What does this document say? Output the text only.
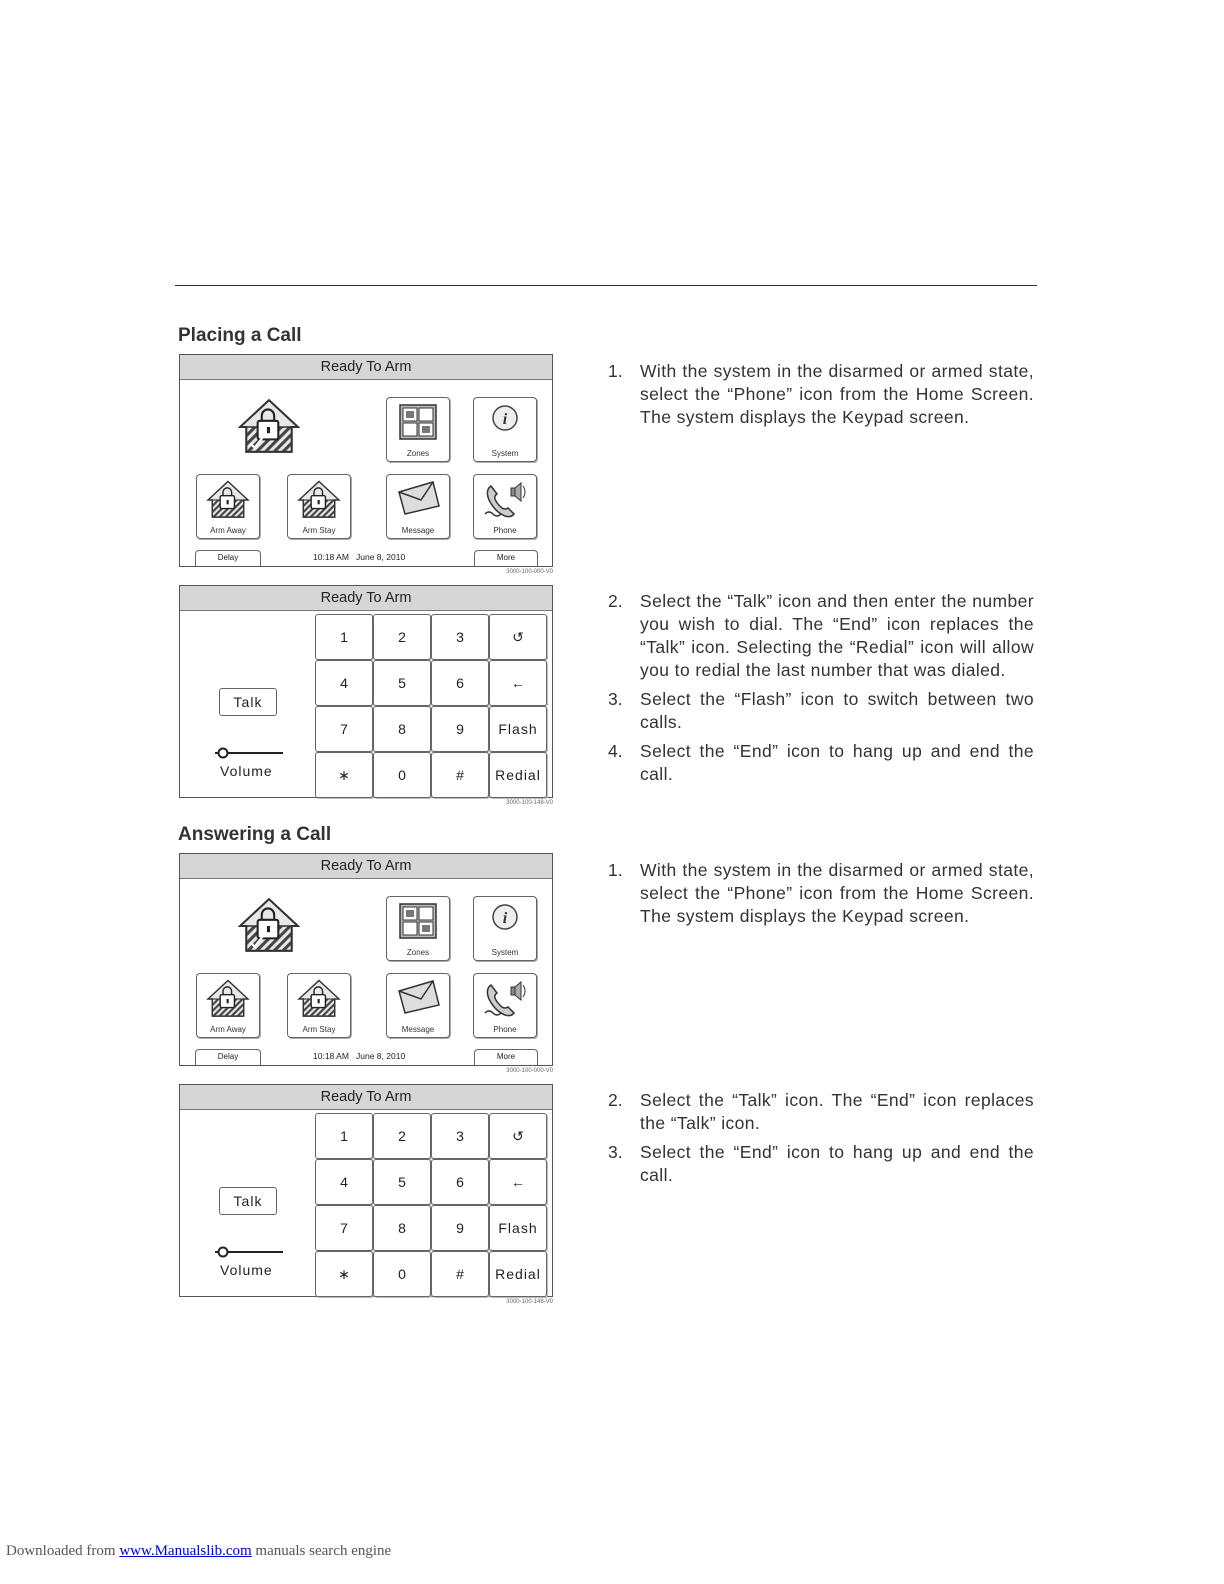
Placing a Call
Answering a Call
Ready To Arm
Zones
i
System
Arm Away	Arm Stay	Message	Phone
Delay	10:18 AM June 8, 2010	More
3000-100-000-V0
Ready To Arm
Zones
i
System
Arm Away	Arm Stay	Message	Phone
Delay	10:18 AM June 8, 2010	More
3000-100-000-V0
Ready To Arm
1	2	3	↺
4	5	6	←
7	8	9	Flash
∗	0	#	Redial
Talk
Volume
3000-100-148-V0
Ready To Arm
1	2	3	↺
4	5	6	←
7	8	9	Flash
∗	0	#	Redial
Talk
Volume
3000-100-148-V0
1. With the system in the disarmed or armed state, select the “Phone” icon from the Home Screen. The system displays the Keypad screen.
2. Select the “Talk” icon and then enter the number you wish to dial. The “End” icon replaces the “Talk” icon. Selecting the “Redial” icon will allow you to redial the last number that was dialed.
3. Select the “Flash” icon to switch between two calls.
4. Select the “End” icon to hang up and end the call.
1. With the system in the disarmed or armed state, select the “Phone” icon from the Home Screen. The system displays the Keypad screen.
2. Select the “Talk” icon. The “End” icon replaces the “Talk” icon.
3. Select the “End” icon to hang up and end the call.
Downloaded from www.Manualslib.com manuals search engine
